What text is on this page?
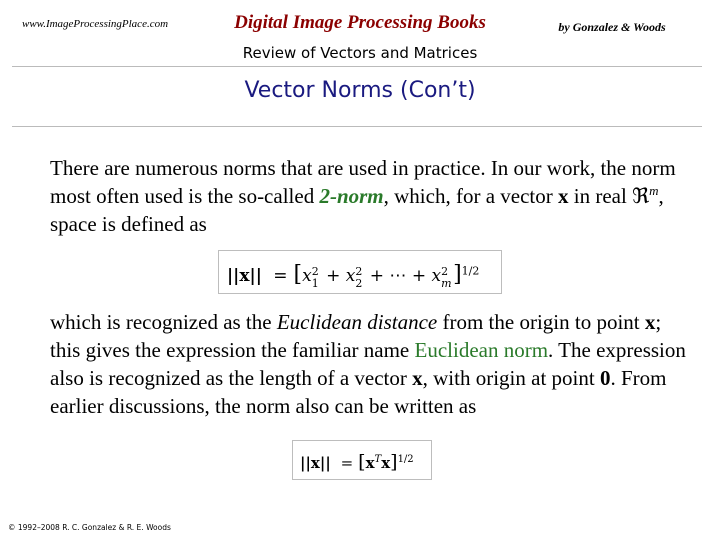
www.ImageProcessingPlace.com	Digital Image Processing Books	by Gonzalez & Woods
Review of Vectors and Matrices
Vector Norms (Con’t)
There are numerous norms that are used in practice. In our work, the norm most often used is the so-called 2-norm, which, for a vector x in real ℜ$^m$, space is defined as
||x|| = [x 2
1 + x 2
2 + ⋯ + x 2
m ]$^{1/2}$
which is recognized as the Euclidean distance from the origin to point x; this gives the expression the familiar name Euclidean norm. The expression also is recognized as the length of a vector x, with origin at point 0. From earlier discussions, the norm also can be written as
$||x|| = [x^Tx]^{1/2}$
© 1992–2008 R. C. Gonzalez & R. E. Woods
